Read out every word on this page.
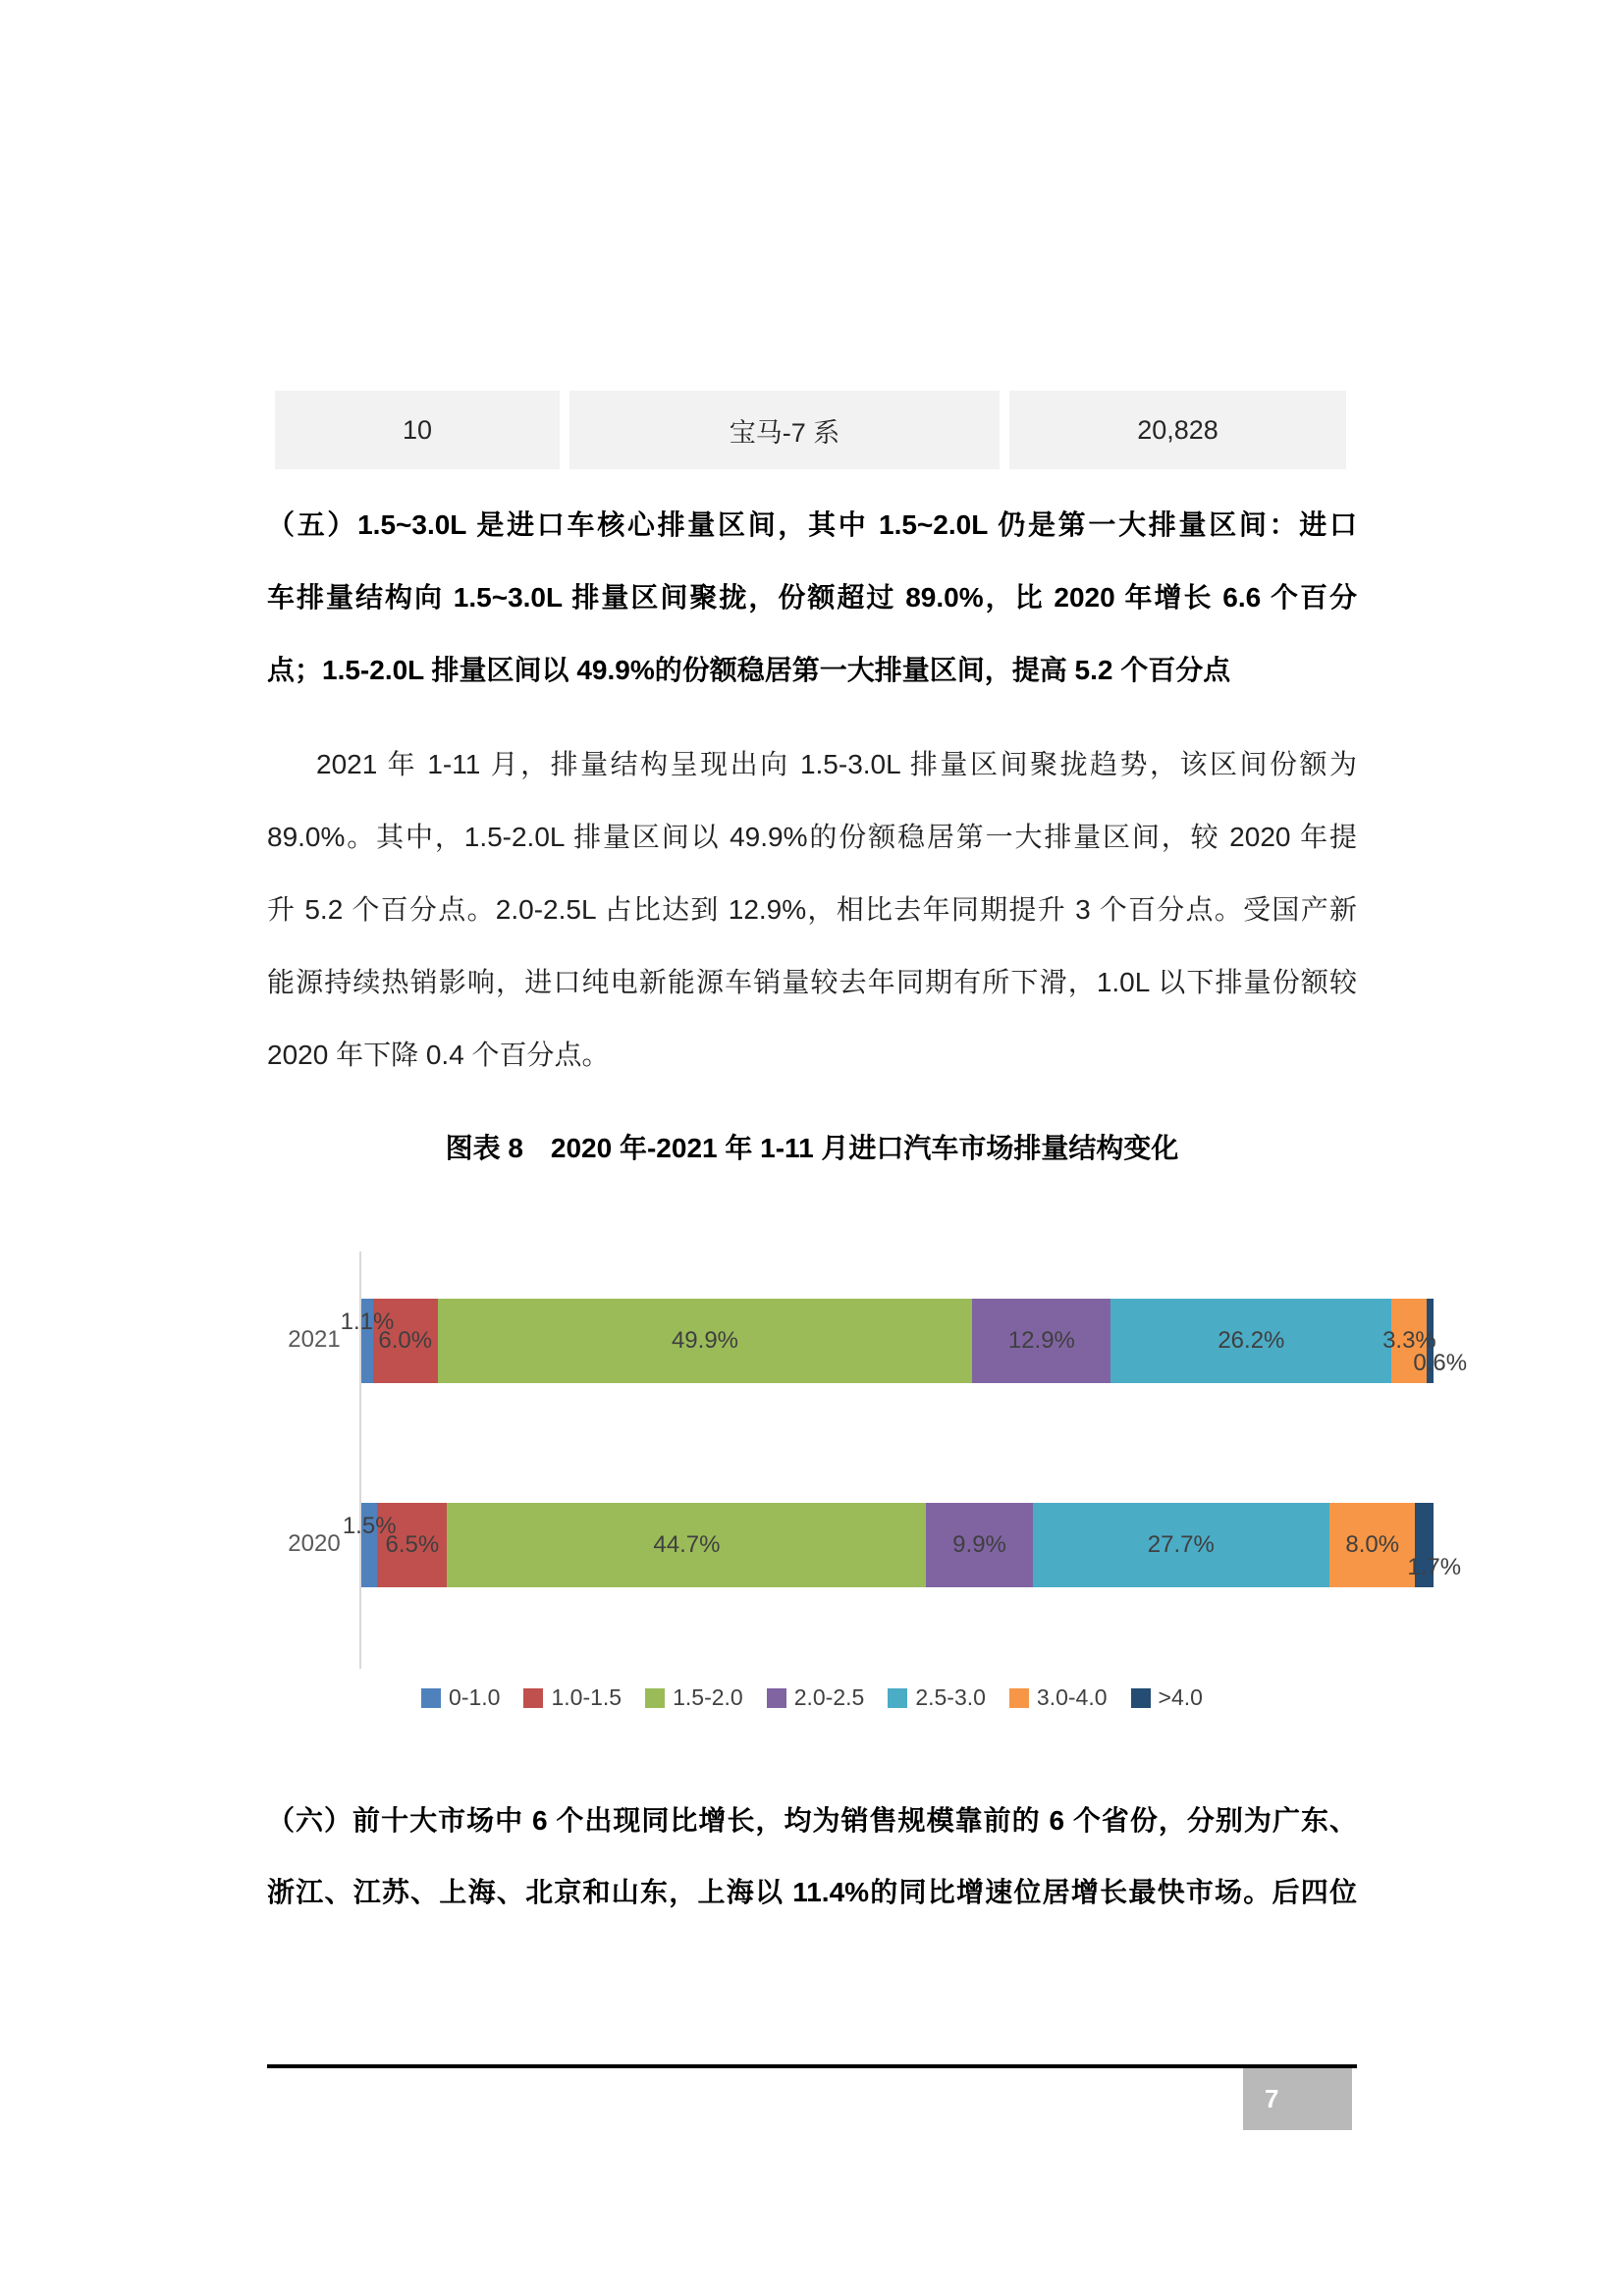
10	宝马-7 系	20,828
（五）1.5~3.0L 是进口车核心排量区间，其中 1.5~2.0L 仍是第一大排量区间：进口
车排量结构向 1.5~3.0L 排量区间聚拢，份额超过 89.0%，比 2020 年增长 6.6 个百分
点；1.5-2.0L 排量区间以 49.9%的份额稳居第一大排量区间，提高 5.2 个百分点
2021 年 1-11 月，排量结构呈现出向 1.5-3.0L 排量区间聚拢趋势，该区间份额为
89.0%。其中，1.5-2.0L 排量区间以 49.9%的份额稳居第一大排量区间，较 2020 年提
升 5.2 个百分点。2.0-2.5L 占比达到 12.9%，相比去年同期提升 3 个百分点。受国产新
能源持续热销影响，进口纯电新能源车销量较去年同期有所下滑，1.0L 以下排量份额较
2020 年下降 0.4 个百分点。
图表 8　2020 年-2021 年 1-11 月进口汽车市场排量结构变化
2021
2020
1.1%
6.0%	49.9%	12.9%	26.2%	3.3%
0.6%
1.5%
6.5%	44.7%	9.9%	27.7%	8.0%
1.7%
0-1.0 1.0-1.5 1.5-2.0 2.0-2.5 2.5-3.0 3.0-4.0 >4.0
（六）前十大市场中 6 个出现同比增长，均为销售规模靠前的 6 个省份，分别为广东、
浙江、江苏、上海、北京和山东，上海以 11.4%的同比增速位居增长最快市场。后四位
7
